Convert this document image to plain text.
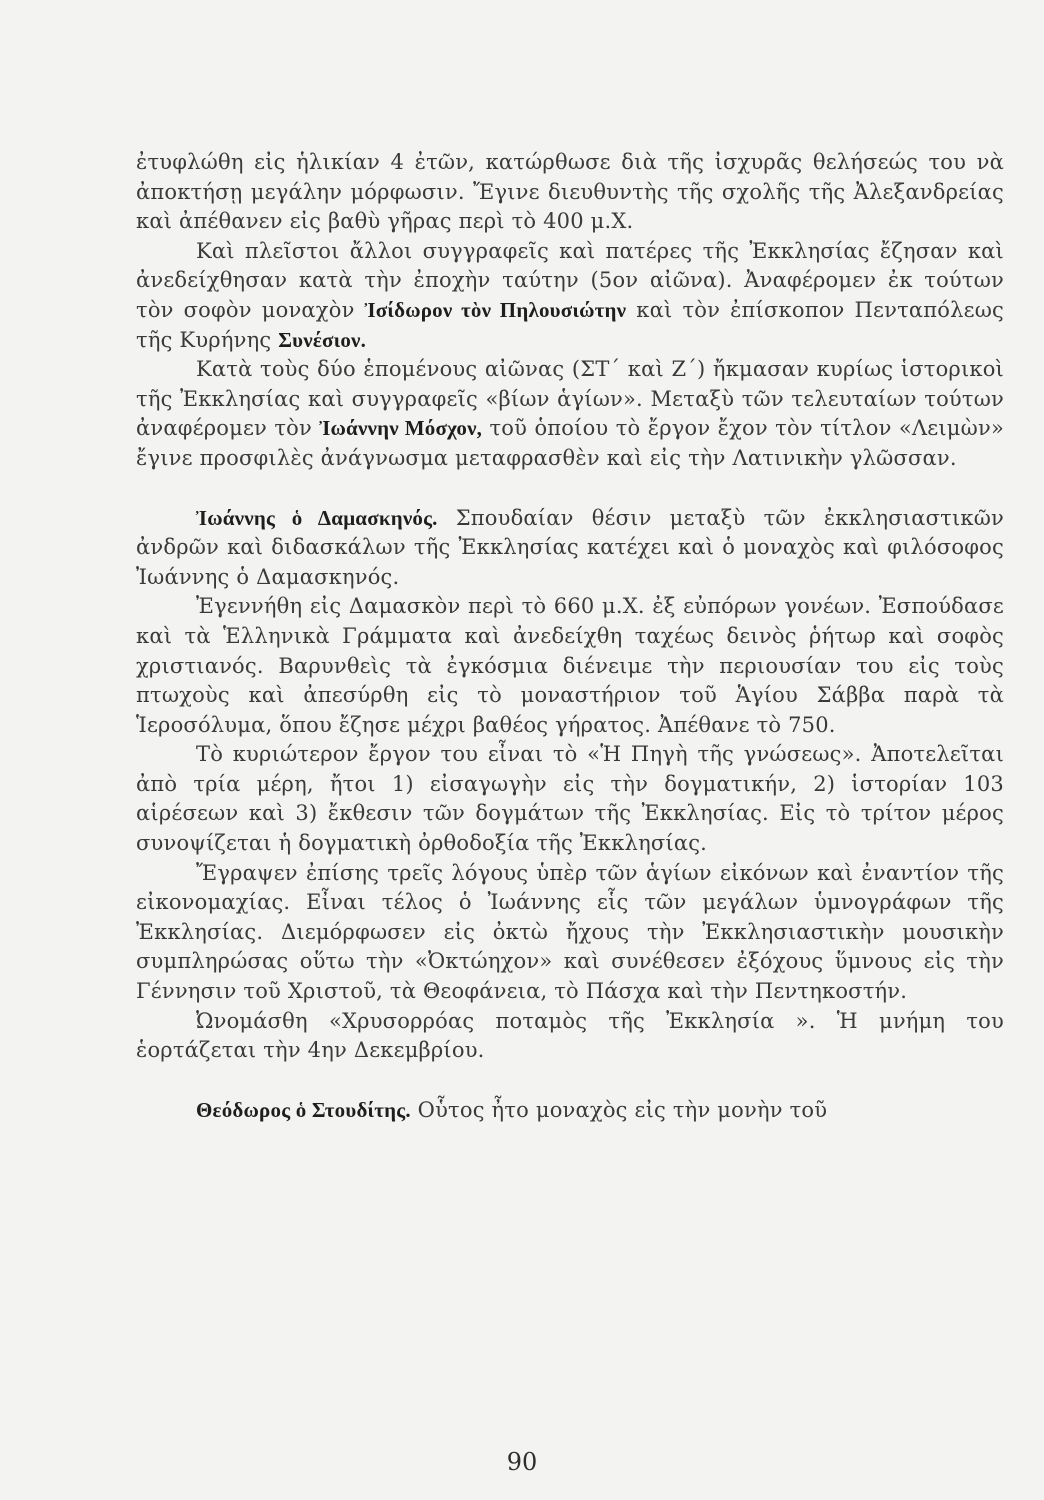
ἐτυφλώθη εἰς ἡλικίαν 4 ἐτῶν, κατώρθωσε διὰ τῆς ἰσχυρᾶς θελήσεώς του νὰ ἀποκτήσῃ μεγάλην μόρφωσιν. Ἔγινε διευθυντὴς τῆς σχολῆς τῆς Ἀλεξανδρείας καὶ ἀπέθανεν εἰς βαθὺ γῆρας περὶ τὸ 400 μ.Χ.

Καὶ πλεῖστοι ἄλλοι συγγραφεῖς καὶ πατέρες τῆς Ἐκκλησίας ἔζησαν καὶ ἀνεδείχθησαν κατὰ τὴν ἐποχὴν ταύτην (5ον αἰῶνα). Ἀναφέρομεν ἐκ τούτων τὸν σοφὸν μοναχὸν Ἰσίδωρον τὸν Πηλουσιώτην καὶ τὸν ἐπίσκοπον Πενταπόλεως τῆς Κυρήνης Συνέσιον.

Κατὰ τοὺς δύο ἑπομένους αἰῶνας (ΣΤ΄ καὶ Ζ΄) ἤκμασαν κυρίως ἱστορικοὶ τῆς Ἐκκλησίας καὶ συγγραφεῖς «βίων ἁγίων». Μεταξὺ τῶν τελευταίων τούτων ἀναφέρομεν τὸν Ἰωάννην Μόσχον, τοῦ ὁποίου τὸ ἔργον ἔχον τὸν τίτλον «Λειμὼν» ἔγινε προσφιλὲς ἀνάγνωσμα μεταφρασθὲν καὶ εἰς τὴν Λατινικὴν γλῶσσαν.

Ἰωάννης ὁ Δαμασκηνός. Σπουδαίαν θέσιν μεταξὺ τῶν ἐκκλησιαστικῶν ἀνδρῶν καὶ διδασκάλων τῆς Ἐκκλησίας κατέχει καὶ ὁ μοναχὸς καὶ φιλόσοφος Ἰωάννης ὁ Δαμασκηνός.

Ἐγεννήθη εἰς Δαμασκὸν περὶ τὸ 660 μ.Χ. ἐξ εὐπόρων γονέων. Ἐσπούδασε καὶ τὰ Ἑλληνικὰ Γράμματα καὶ ἀνεδείχθη ταχέως δεινὸς ῥήτωρ καὶ σοφὸς χριστιανός. Βαρυνθεὶς τὰ ἐγκόσμια διένειμε τὴν περιουσίαν του εἰς τοὺς πτωχοὺς καὶ ἀπεσύρθη εἰς τὸ μοναστήριον τοῦ Ἁγίου Σάββα παρὰ τὰ Ἱεροσόλυμα, ὅπου ἔζησε μέχρι βαθέος γήρατος. Ἀπέθανε τὸ 750.

Τὸ κυριώτερον ἔργον του εἶναι τὸ «Ἡ Πηγὴ τῆς γνώσεως». Ἀποτελεῖται ἀπὸ τρία μέρη, ἤτοι 1) εἰσαγωγὴν εἰς τὴν δογματικήν, 2) ἱστορίαν 103 αἱρέσεων καὶ 3) ἔκθεσιν τῶν δογμάτων τῆς Ἐκκλησίας. Εἰς τὸ τρίτον μέρος συνοψίζεται ἡ δογματικὴ ὀρθοδοξία τῆς Ἐκκλησίας.

Ἔγραψεν ἐπίσης τρεῖς λόγους ὑπὲρ τῶν ἁγίων εἰκόνων καὶ ἐναντίον τῆς εἰκονομαχίας. Εἶναι τέλος ὁ Ἰωάννης εἷς τῶν μεγάλων ὑμνογράφων τῆς Ἐκκλησίας. Διεμόρφωσεν εἰς ὀκτὼ ἤχους τὴν Ἐκκλησιαστικὴν μουσικὴν συμπληρώσας οὕτω τὴν «Ὀκτώηχον» καὶ συνέθεσεν ἐξόχους ὕμνους εἰς τὴν Γέννησιν τοῦ Χριστοῦ, τὰ Θεοφάνεια, τὸ Πάσχα καὶ τὴν Πεντηκοστήν.

Ὠνομάσθη «Χρυσορρόας ποταμὸς τῆς Ἐκκλησία ». Ἡ μνήμη του ἑορτάζεται τὴν 4ην Δεκεμβρίου.

Θεόδωρος ὁ Στουδίτης. Οὗτος ἦτο μοναχὸς εἰς τὴν μονὴν τοῦ

90
